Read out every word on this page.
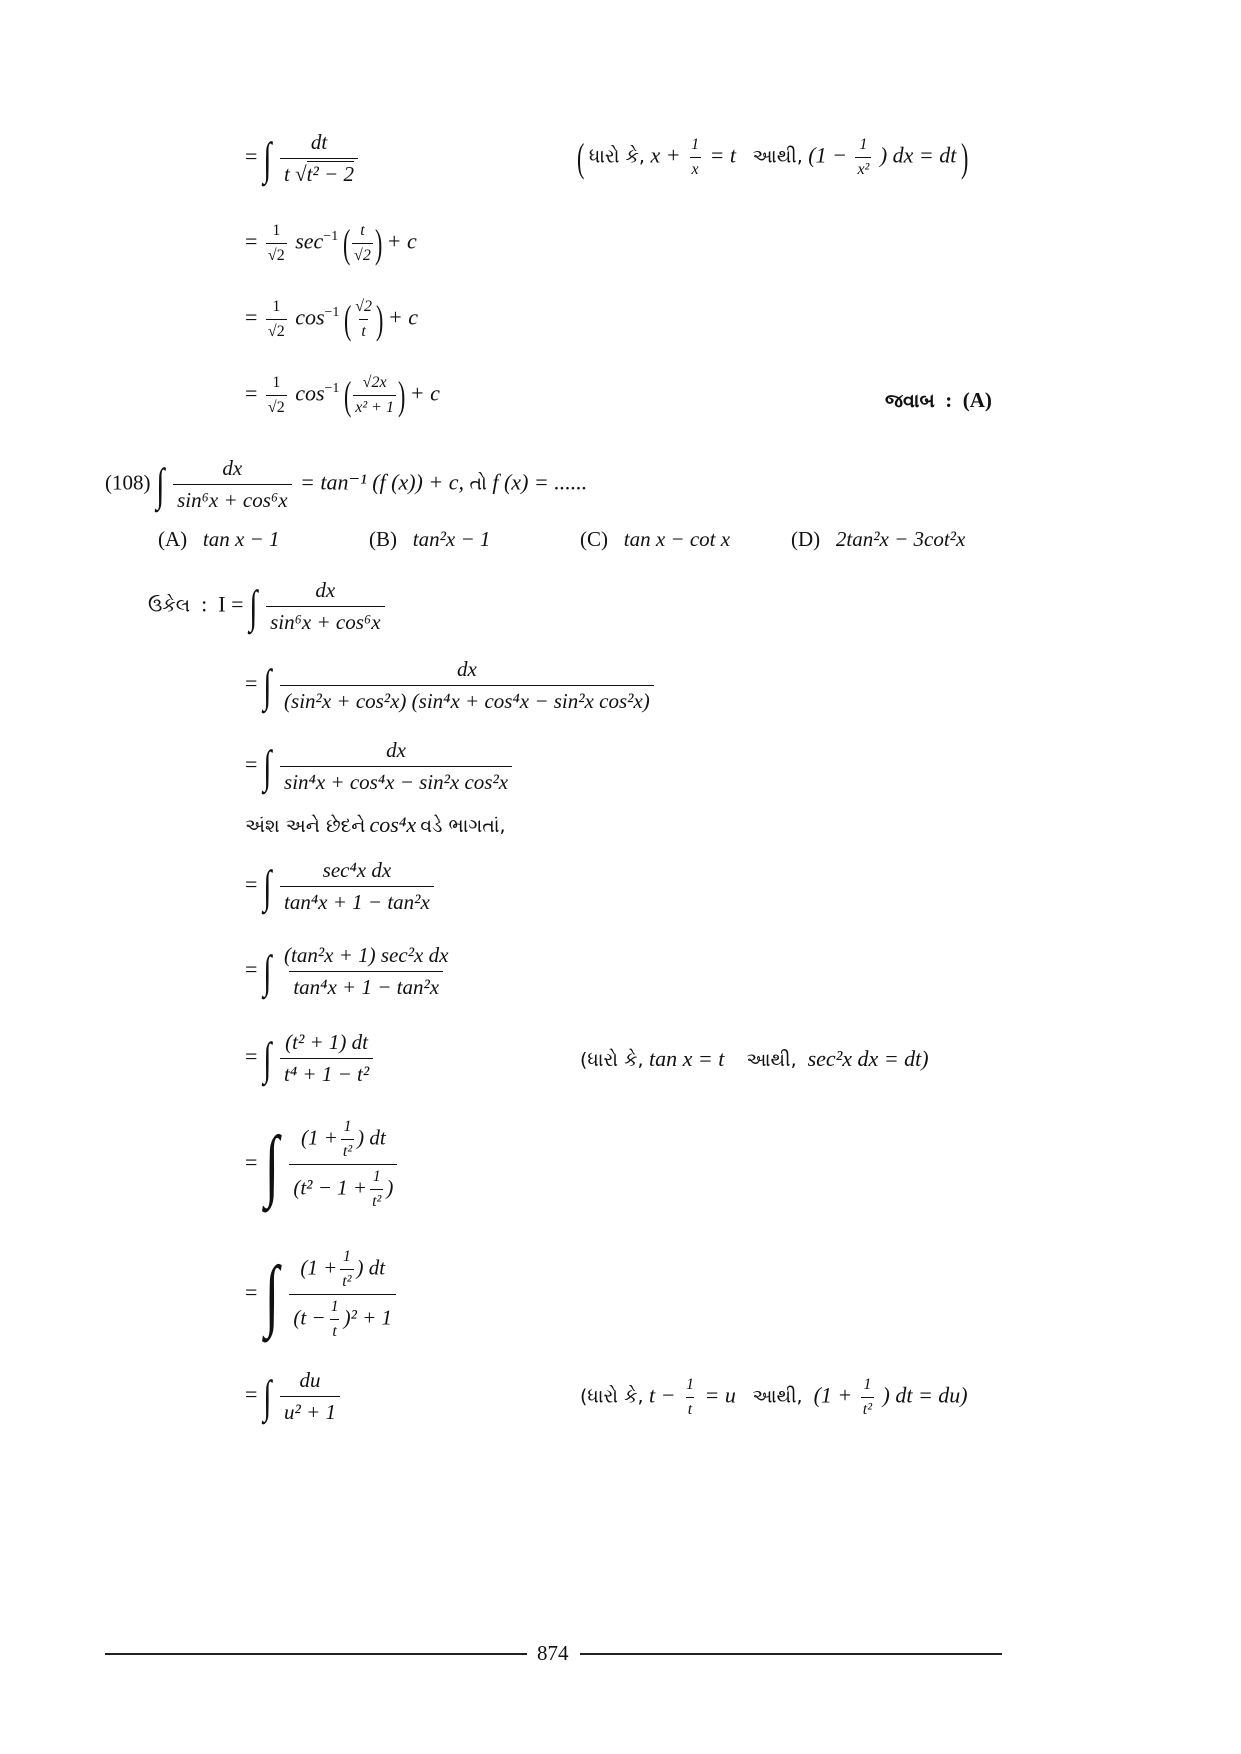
= ∫ $\frac{dt}{\text{t √t² − 2}}$	( ધારો કે, $x + \frac{1}{x} = t$ આથી, ($1 - \frac{1}{\text{x²}}$ ) dx = dt )
= $\frac{1}{√2} \sec^{-1}$ ( $\frac{t}{√2}$ ) + c
= $\frac{1}{√2} \cos^{-1}$ ( $\frac{√2}{t}$ ) + c
= $\frac{1}{√2} \cos^{-1}$ ( $\frac{√2x}{\text{x² + 1}}$ ) + c	જવાબ : (A)
(108) ∫ $\frac{dx}{\text{sin⁶x + cos⁶x}} = \tan^{-1}$ (f (x)) + c, તો f (x) = ......
(A) tan x − 1	(B) tan²x − 1	(C) tan x − cot x	(D) 2tan²x − 3cot²x
ઉકેલ : I = ∫ $\frac{dx}{\text{sin⁶x + cos⁶x}}$
= ∫ $\frac{dx}{\text{(sin²x + cos²x) (sin⁴x + cos⁴x − sin²x cos²x)}}$
= ∫ $\frac{dx}{\text{sin⁴x + cos⁴x − sin²x cos²x}}$
અંશ અને છેદને cos⁴x વડે ભાગતાં,
= ∫ $\frac{\text{sec⁴x dx}}{\text{tan⁴x + 1 − tan²x}}$
= ∫ $\frac{\text{(tan²x + 1) sec²x dx}}{\text{tan⁴x + 1 − tan²x}}$
= ∫ $\frac{\text{(t² + 1) dt}}{\text{t⁴ + 1 − t²}}$	(ધારો કે, tan x = t આથી, sec²x dx = dt)
= ∫ $\frac{(1 + \frac{1}{\text{t²}} ) dt}{(t^2 - 1 + \frac{1}{\text{t²}} )}$
= ∫ $\frac{(1 + \frac{1}{\text{t²}} ) dt}{(t - \frac{1}{t} )^2 + 1}$
= ∫ $\frac{du}{\text{u² + 1}}$	(ધારો કે, $t - \frac{1}{t} = u$ આથી, ($1 + \frac{1}{\text{t²}}$ ) dt = du)
874
